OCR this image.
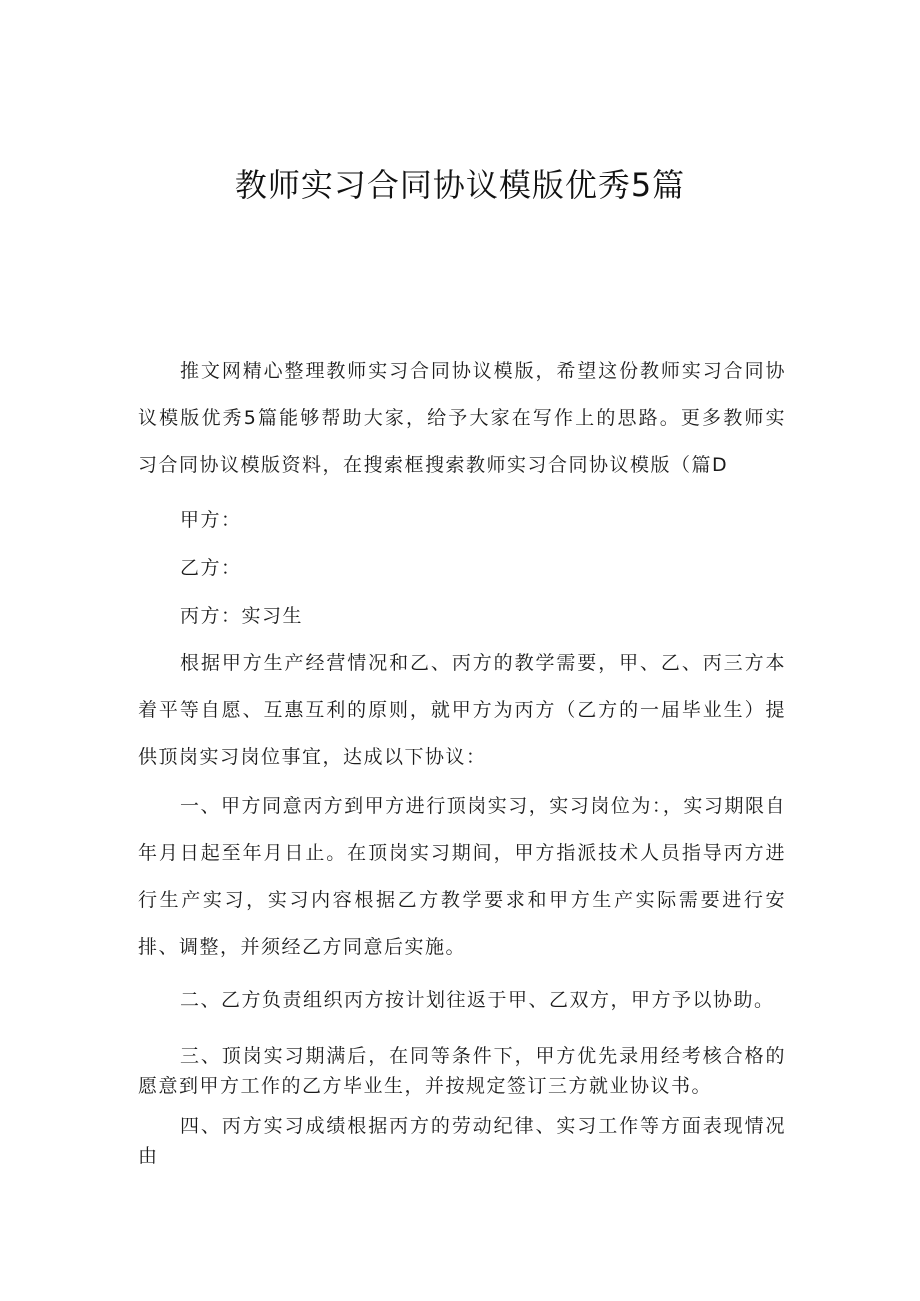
教师实习合同协议模版优秀5篇

推文网精心整理教师实习合同协议模版，希望这份教师实习合同协议模版优秀5篇能够帮助大家，给予大家在写作上的思路。更多教师实习合同协议模版资料，在搜索框搜索教师实习合同协议模版（篇D

甲方：

乙方：

丙方：实习生

根据甲方生产经营情况和乙、丙方的教学需要，甲、乙、丙三方本着平等自愿、互惠互利的原则，就甲方为丙方（乙方的一届毕业生）提供顶岗实习岗位事宜，达成以下协议：

一、甲方同意丙方到甲方进行顶岗实习，实习岗位为：，实习期限自年月日起至年月日止。在顶岗实习期间，甲方指派技术人员指导丙方进行生产实习，实习内容根据乙方教学要求和甲方生产实际需要进行安排、调整，并须经乙方同意后实施。

二、乙方负责组织丙方按计划往返于甲、乙双方，甲方予以协助。

三、顶岗实习期满后，在同等条件下，甲方优先录用经考核合格的愿意到甲方工作的乙方毕业生，并按规定签订三方就业协议书。

四、丙方实习成绩根据丙方的劳动纪律、实习工作等方面表现情况由
